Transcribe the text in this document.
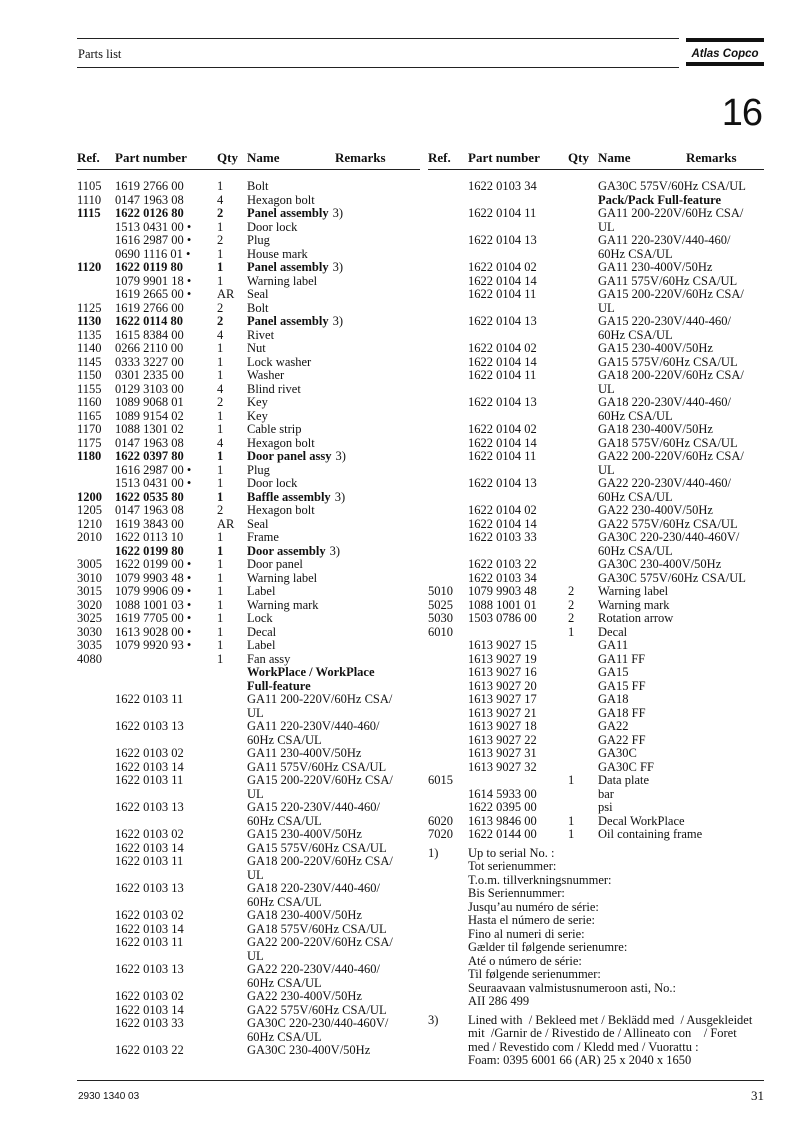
Parts list	Atlas Copco
16
Ref.	Part number	Qty Name	Remarks
1105	1619 2766 00	1	Bolt
1110	0147 1963 08	4	Hexagon bolt
1115	1622 0126 80	2	Panel assembly 3)
1513 0431 00 •	1	Door lock
1616 2987 00 •	2	Plug
0690 1116 01 •	1	House mark
1120	1622 0119 80	1	Panel assembly 3)
1079 9901 18 •	1	Warning label
1619 2665 00 •	AR	Seal
1125	1619 2766 00	2	Bolt
1130	1622 0114 80	2	Panel assembly 3)
1135	1615 8384 00	4	Rivet
1140	0266 2110 00	1	Nut
1145	0333 3227 00	1	Lock washer
1150	0301 2335 00	1	Washer
1155	0129 3103 00	4	Blind rivet
1160	1089 9068 01	2	Key
1165	1089 9154 02	1	Key
1170	1088 1301 02	1	Cable strip
1175	0147 1963 08	4	Hexagon bolt
1180	1622 0397 80	1	Door panel assy 3)
1616 2987 00 •	1	Plug
1513 0431 00 •	1	Door lock
1200	1622 0535 80	1	Baffle assembly 3)
1205	0147 1963 08	2	Hexagon bolt
1210	1619 3843 00	AR	Seal
2010	1622 0113 10	1	Frame
1622 0199 80	1	Door assembly 3)
3005	1622 0199 00 •	1	Door panel
3010	1079 9903 48 •	1	Warning label
3015	1079 9906 09 •	1	Label
3020	1088 1001 03 •	1	Warning mark
3025	1619 7705 00 •	1	Lock
3030	1613 9028 00 •	1	Decal
3035	1079 9920 93 •	1	Label
4080	1	Fan assy
WorkPlace / WorkPlace
Full-feature
1622 0103 11	GA11 200-220V/60Hz CSA/
UL
1622 0103 13	GA11 220-230V/440-460/
60Hz CSA/UL
1622 0103 02	GA11 230-400V/50Hz
1622 0103 14	GA11 575V/60Hz CSA/UL
1622 0103 11	GA15 200-220V/60Hz CSA/
UL
1622 0103 13	GA15 220-230V/440-460/
60Hz CSA/UL
1622 0103 02	GA15 230-400V/50Hz
1622 0103 14	GA15 575V/60Hz CSA/UL
1622 0103 11	GA18 200-220V/60Hz CSA/
UL
1622 0103 13	GA18 220-230V/440-460/
60Hz CSA/UL
1622 0103 02	GA18 230-400V/50Hz
1622 0103 14	GA18 575V/60Hz CSA/UL
1622 0103 11	GA22 200-220V/60Hz CSA/
UL
1622 0103 13	GA22 220-230V/440-460/
60Hz CSA/UL
1622 0103 02	GA22 230-400V/50Hz
1622 0103 14	GA22 575V/60Hz CSA/UL
1622 0103 33	GA30C 220-230/440-460V/
60Hz CSA/UL
1622 0103 22	GA30C 230-400V/50Hz
Ref.	Part number	Qty Name	Remarks
1622 0103 34	GA30C 575V/60Hz CSA/UL
Pack/Pack Full-feature
1622 0104 11	GA11 200-220V/60Hz CSA/
UL
1622 0104 13	GA11 220-230V/440-460/
60Hz CSA/UL
1622 0104 02	GA11 230-400V/50Hz
1622 0104 14	GA11 575V/60Hz CSA/UL
1622 0104 11	GA15 200-220V/60Hz CSA/
UL
1622 0104 13	GA15 220-230V/440-460/
60Hz CSA/UL
1622 0104 02	GA15 230-400V/50Hz
1622 0104 14	GA15 575V/60Hz CSA/UL
1622 0104 11	GA18 200-220V/60Hz CSA/
UL
1622 0104 13	GA18 220-230V/440-460/
60Hz CSA/UL
1622 0104 02	GA18 230-400V/50Hz
1622 0104 14	GA18 575V/60Hz CSA/UL
1622 0104 11	GA22 200-220V/60Hz CSA/
UL
1622 0104 13	GA22 220-230V/440-460/
60Hz CSA/UL
1622 0104 02	GA22 230-400V/50Hz
1622 0104 14	GA22 575V/60Hz CSA/UL
1622 0103 33	GA30C 220-230/440-460V/
60Hz CSA/UL
1622 0103 22	GA30C 230-400V/50Hz
1622 0103 34	GA30C 575V/60Hz CSA/UL
5010	1079 9903 48	2	Warning label
5025	1088 1001 01	2	Warning mark
5030	1503 0786 00	2	Rotation arrow
6010	1	Decal
1613 9027 15	GA11
1613 9027 19	GA11 FF
1613 9027 16	GA15
1613 9027 20	GA15 FF
1613 9027 17	GA18
1613 9027 21	GA18 FF
1613 9027 18	GA22
1613 9027 22	GA22 FF
1613 9027 31	GA30C
1613 9027 32	GA30C FF
6015	1	Data plate
1614 5933 00	bar
1622 0395 00	psi
6020	1613 9846 00	1	Decal WorkPlace
7020	1622 0144 00	1	Oil containing frame
1)	Up to serial No. :
Tot serienummer:
T.o.m. tillverkningsnummer:
Bis Seriennummer:
Jusqu’au numéro de série:
Hasta el número de serie:
Fino al numeri di serie:
Gælder til følgende serienumre:
Até o número de série:
Til følgende serienummer:
Seuraavaan valmistusnumeroon asti, No.:
AII 286 499
3)	Lined with  / Bekleed met / Beklädd med  / Ausgekleidet
mit  /Garnir de / Rivestido de / Allineato con    / Foret
med / Revestido com / Kledd med / Vuorattu :
Foam: 0395 6001 66 (AR) 25 x 2040 x 1650
2930 1340 03	31
